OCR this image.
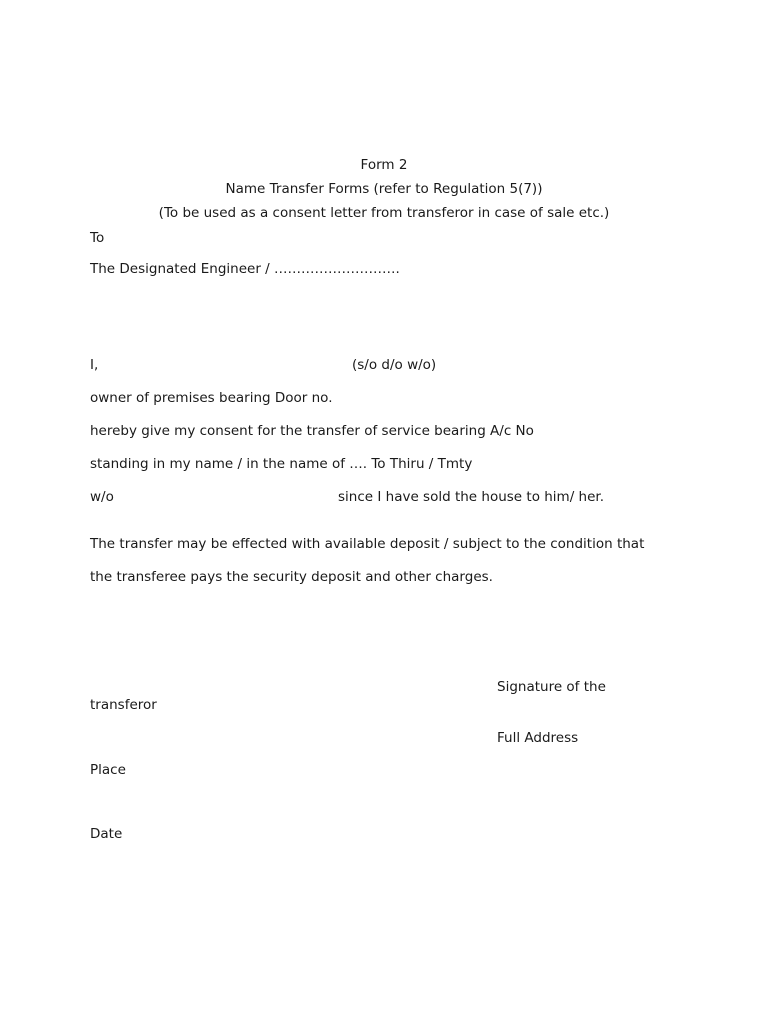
Form 2
Name Transfer Forms (refer to Regulation 5(7))
(To be used as a consent letter from transferor in case of sale etc.)
To
The Designated Engineer / ……………………….
I,	(s/o d/o w/o)
owner of premises bearing Door no.
hereby give my consent for the transfer of service bearing A/c No
standing in my name / in the name of …. To Thiru / Tmty
w/o	since I have sold the house to him/ her.
The transfer may be effected with available deposit / subject to the condition that
the transferee pays the security deposit and other charges.
Signature of the
transferor
Full Address
Place
Date
